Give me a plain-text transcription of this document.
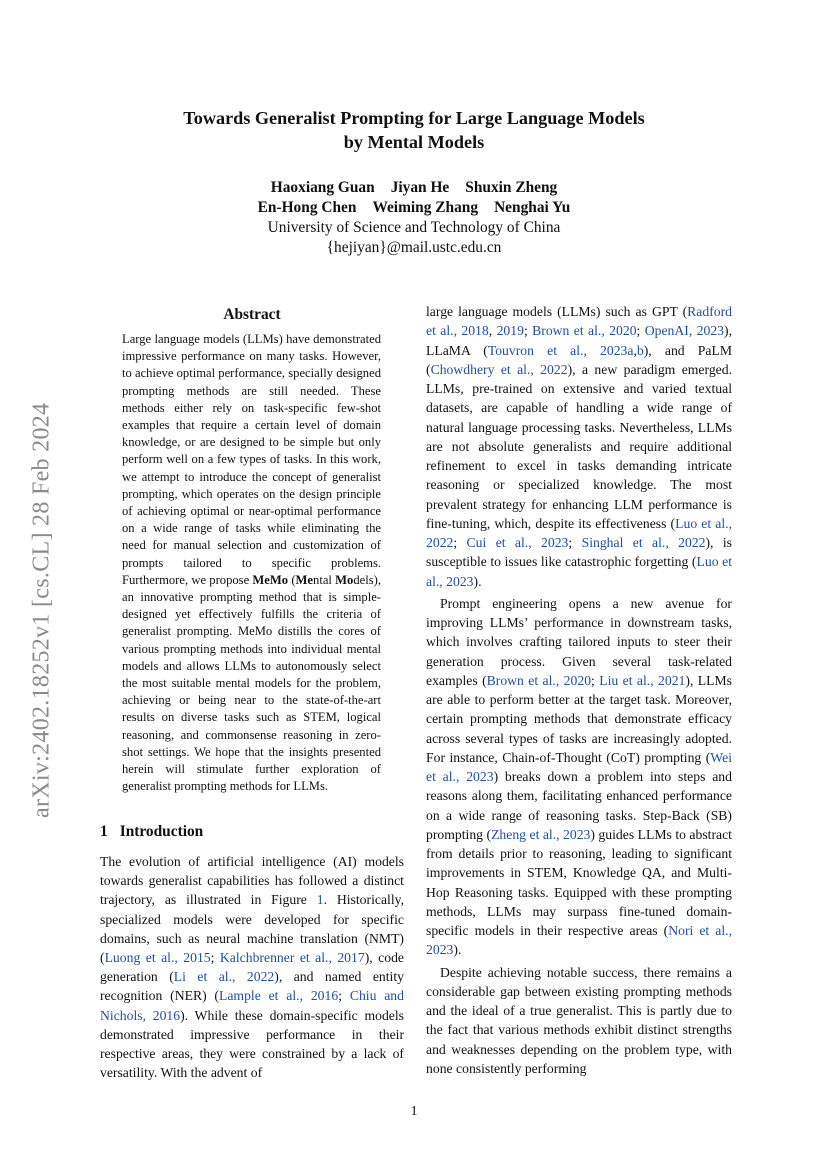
arXiv:2402.18252v1 [cs.CL] 28 Feb 2024
Towards Generalist Prompting for Large Language Models
by Mental Models
Haoxiang Guan Jiyan He Shuxin Zheng
En-Hong Chen Weiming Zhang Nenghai Yu
University of Science and Technology of China
{hejiyan}@mail.ustc.edu.cn
Abstract
Large language models (LLMs) have demonstrated impressive performance on many tasks. However, to achieve optimal performance, specially designed prompting methods are still needed. These methods either rely on task-specific few-shot examples that require a certain level of domain knowledge, or are designed to be simple but only perform well on a few types of tasks. In this work, we attempt to introduce the concept of generalist prompting, which operates on the design principle of achieving optimal or near-optimal performance on a wide range of tasks while eliminating the need for manual selection and customization of prompts tailored to specific problems. Furthermore, we propose MeMo (Mental Models), an innovative prompting method that is simple-designed yet effectively fulfills the criteria of generalist prompting. MeMo distills the cores of various prompting methods into individual mental models and allows LLMs to autonomously select the most suitable mental models for the problem, achieving or being near to the state-of-the-art results on diverse tasks such as STEM, logical reasoning, and commonsense reasoning in zero-shot settings. We hope that the insights presented herein will stimulate further exploration of generalist prompting methods for LLMs.
1 Introduction
The evolution of artificial intelligence (AI) models towards generalist capabilities has followed a distinct trajectory, as illustrated in Figure 1. Historically, specialized models were developed for specific domains, such as neural machine translation (NMT) (Luong et al., 2015; Kalchbrenner et al., 2017), code generation (Li et al., 2022), and named entity recognition (NER) (Lample et al., 2016; Chiu and Nichols, 2016). While these domain-specific models demonstrated impressive performance in their respective areas, they were constrained by a lack of versatility. With the advent of

large language models (LLMs) such as GPT (Radford et al., 2018, 2019; Brown et al., 2020; OpenAI, 2023), LLaMA (Touvron et al., 2023a,b), and PaLM (Chowdhery et al., 2022), a new paradigm emerged. LLMs, pre-trained on extensive and varied textual datasets, are capable of handling a wide range of natural language processing tasks. Nevertheless, LLMs are not absolute generalists and require additional refinement to excel in tasks demanding intricate reasoning or specialized knowledge. The most prevalent strategy for enhancing LLM performance is fine-tuning, which, despite its effectiveness (Luo et al., 2022; Cui et al., 2023; Singhal et al., 2022), is susceptible to issues like catastrophic forgetting (Luo et al., 2023).

Prompt engineering opens a new avenue for improving LLMs’ performance in downstream tasks, which involves crafting tailored inputs to steer their generation process. Given several task-related examples (Brown et al., 2020; Liu et al., 2021), LLMs are able to perform better at the target task. Moreover, certain prompting methods that demonstrate efficacy across several types of tasks are increasingly adopted. For instance, Chain-of-Thought (CoT) prompting (Wei et al., 2023) breaks down a problem into steps and reasons along them, facilitating enhanced performance on a wide range of reasoning tasks. Step-Back (SB) prompting (Zheng et al., 2023) guides LLMs to abstract from details prior to reasoning, leading to significant improvements in STEM, Knowledge QA, and Multi-Hop Reasoning tasks. Equipped with these prompting methods, LLMs may surpass fine-tuned domain-specific models in their respective areas (Nori et al., 2023).

Despite achieving notable success, there remains a considerable gap between existing prompting methods and the ideal of a true generalist. This is partly due to the fact that various methods exhibit distinct strengths and weaknesses depending on the problem type, with none consistently performing

1
